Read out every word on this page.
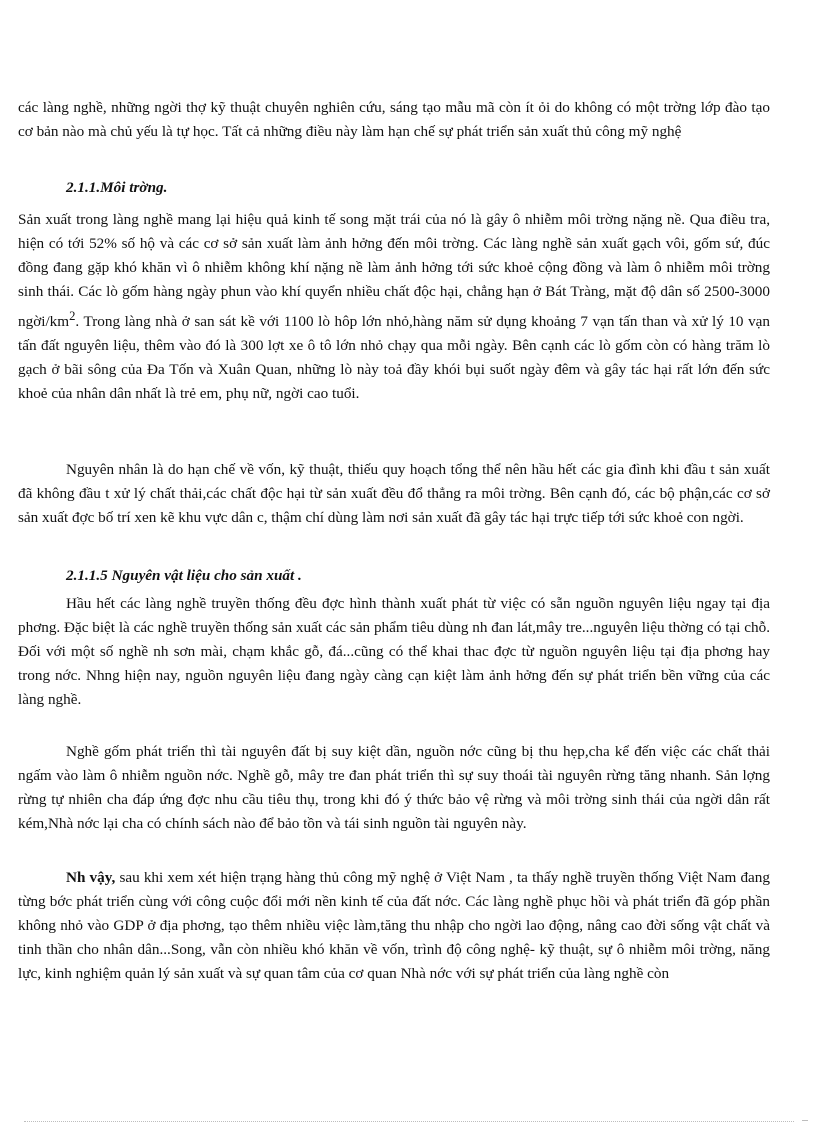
các làng nghề, những ngời thợ kỹ thuật chuyên nghiên cứu, sáng tạo mẫu mã còn ít ỏi do không có một trờng lớp đào tạo cơ bản nào mà chủ yếu là tự học. Tất cả những điều này làm hạn chế sự phát triển sản xuất thủ công mỹ nghệ

2.1.1.Môi trờng.

Sản xuất trong làng nghề mang lại hiệu quả kinh tế song mặt trái của nó là gây ô nhiễm môi trờng nặng nề. Qua điều tra, hiện có tới 52% số hộ và các cơ sở sản xuất làm ảnh hởng đến môi trờng. Các làng nghề sản xuất gạch vôi, gốm sứ, đúc đồng đang gặp khó khăn vì ô nhiễm không khí nặng nề làm ảnh hởng tới sức khoẻ cộng đồng và làm ô nhiễm môi trờng sinh thái. Các lò gốm hàng ngày phun vào khí quyển nhiều chất độc hại, chẳng hạn ở Bát Tràng, mặt độ dân số 2500-3000 ngời/$km^2$. Trong làng nhà ở san sát kề với 1100 lò hôp lớn nhỏ,hàng năm sử dụng khoảng 7 vạn tấn than và xử lý 10 vạn tấn đất nguyên liệu, thêm vào đó là 300 lợt xe ô tô lớn nhỏ chạy qua mỗi ngày. Bên cạnh các lò gốm còn có hàng trăm lò gạch ở bãi sông của Đa Tốn và Xuân Quan, những lò này toả đầy khói bụi suốt ngày đêm và gây tác hại rất lớn đến sức khoẻ của nhân dân nhất là trẻ em, phụ nữ, ngời cao tuổi.

Nguyên nhân là do hạn chế về vốn, kỹ thuật, thiếu quy hoạch tổng thể nên hầu hết các gia đình khi đầu t sản xuất đã không đầu t xử lý chất thải,các chất độc hại từ sản xuất đều đổ thẳng ra môi trờng. Bên cạnh đó, các bộ phận,các cơ sở sản xuất đợc bố trí xen kẽ khu vực dân c, thậm chí dùng làm nơi sản xuất đã gây tác hại trực tiếp tới sức khoẻ con ngời.

2.1.1.5 Nguyên vật liệu cho sản xuất .

Hầu hết các làng nghề truyền thống đều đợc hình thành xuất phát từ việc có sẵn nguồn nguyên liệu ngay tại địa phơng. Đặc biệt là các nghề truyền thống sản xuất các sản phẩm tiêu dùng nh đan lát,mây tre...nguyên liệu thờng có tại chỗ. Đối với một số nghề nh sơn mài, chạm khắc gỗ, đá...cũng có thể khai thac đợc từ nguồn nguyên liệu tại địa phơng hay trong nớc. Nhng hiện nay, nguồn nguyên liệu đang ngày càng cạn kiệt làm ảnh hởng đến sự phát triển bền vững của các làng nghề.

Nghề gốm phát triển thì tài nguyên đất bị suy kiệt dần, nguồn nớc cũng bị thu hẹp,cha kể đến việc các chất thải ngấm vào làm ô nhiễm nguồn nớc. Nghề gỗ, mây tre đan phát triển thì sự suy thoái tài nguyên rừng tăng nhanh. Sản lợng rừng tự nhiên cha đáp ứng đợc nhu cầu tiêu thụ, trong khi đó ý thức bảo vệ rừng và môi trờng sinh thái của ngời dân rất kém,Nhà nớc lại cha có chính sách nào để bảo tồn và tái sinh nguồn tài nguyên này.

Nh vậy, sau khi xem xét hiện trạng hàng thủ công mỹ nghệ ở Việt Nam , ta thấy nghề truyền thống Việt Nam đang từng bớc phát triển cùng với công cuộc đổi mới nền kinh tế của đất nớc. Các làng nghề phục hồi và phát triển đã góp phần không nhỏ vào GDP ở địa phơng, tạo thêm nhiều việc làm,tăng thu nhập cho ngời lao động, nâng cao đời sống vật chất và tinh thần cho nhân dân...Song, vẫn còn nhiều khó khăn về vốn, trình độ công nghệ- kỹ thuật, sự ô nhiễm môi trờng, năng lực, kinh nghiệm quản lý sản xuất và sự quan tâm của cơ quan Nhà nớc với sự phát triển của làng nghề còn
